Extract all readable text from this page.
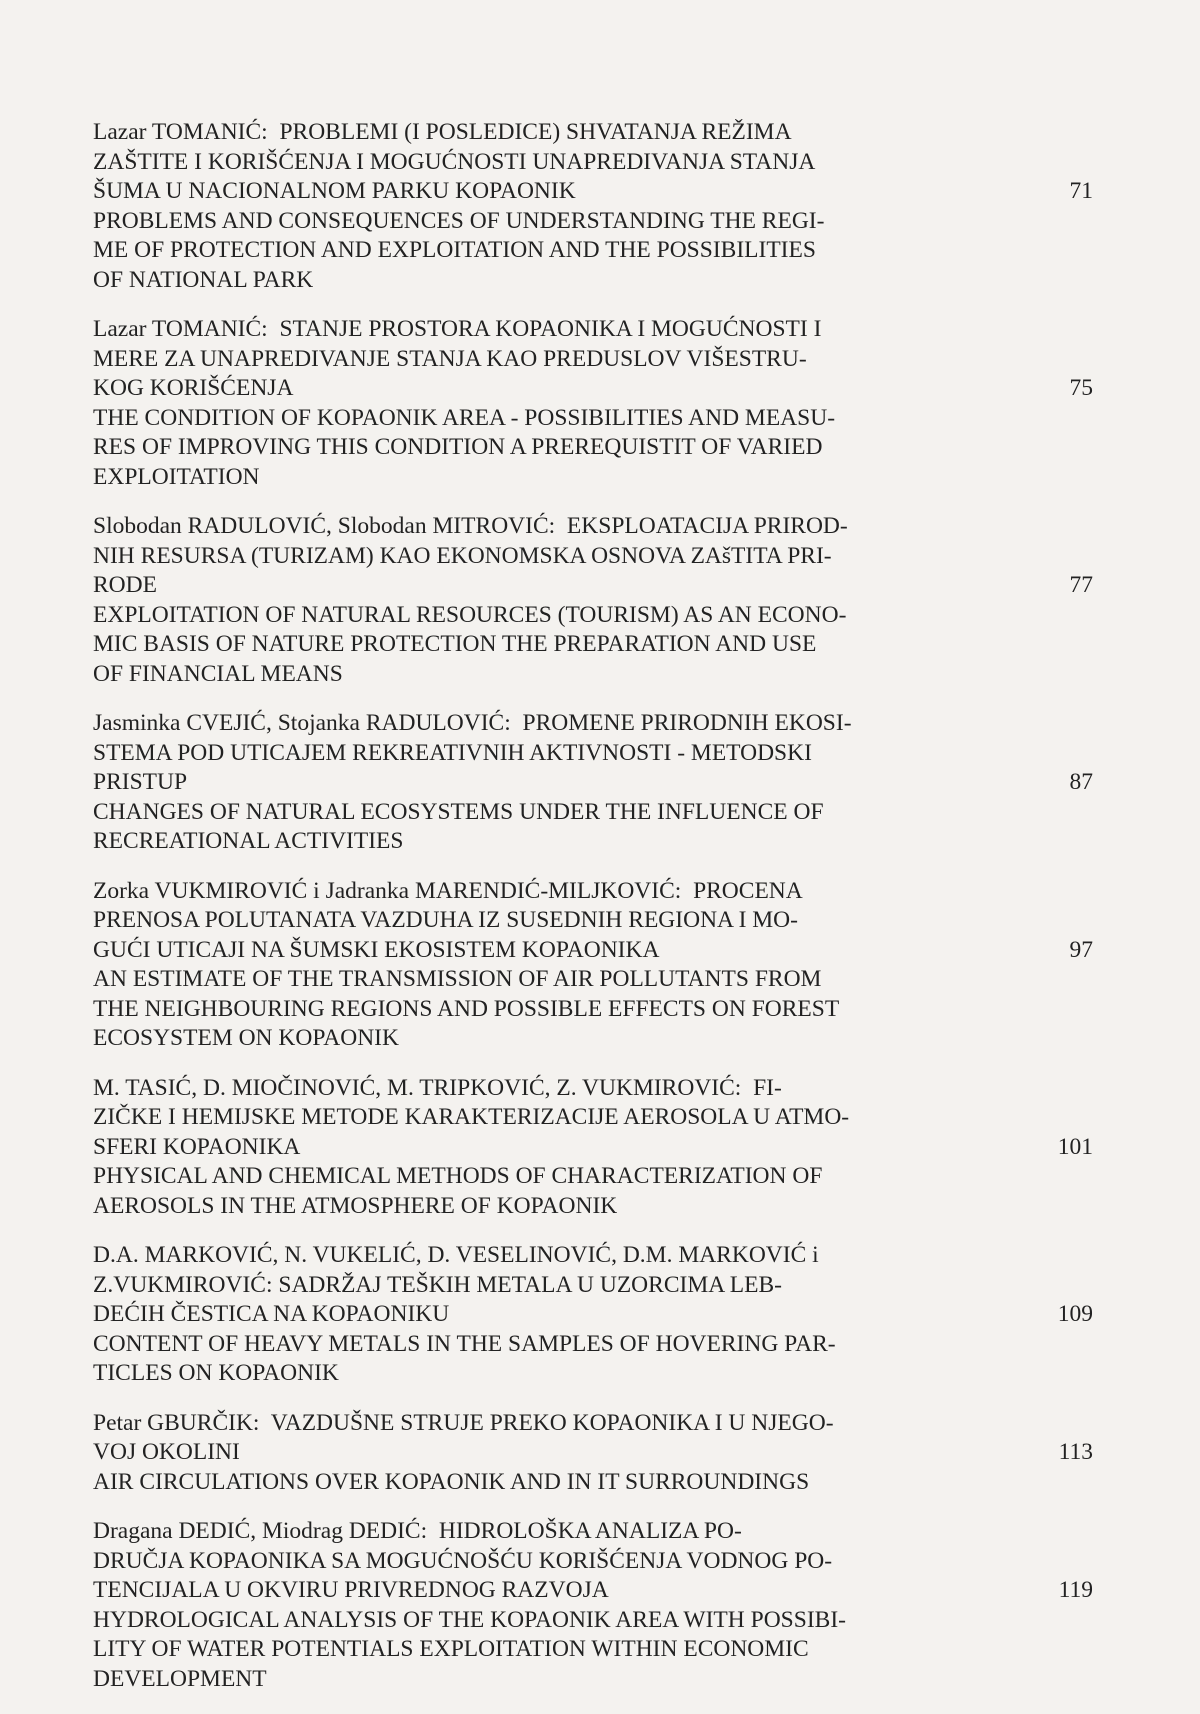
Lazar TOMANIĆ: PROBLEMI (I POSLEDICE) SHVATANJA REŽIMA
ZAŠTITE I KORIŠĆENJA I MOGUĆNOSTI UNAPREDIVANJA STANJA
ŠUMA U NACIONALNOM PARKU KOPAONIK
PROBLEMS AND CONSEQUENCES OF UNDERSTANDING THE REGI-
ME OF PROTECTION AND EXPLOITATION AND THE POSSIBILITIES
OF NATIONAL PARK
71
Lazar TOMANIĆ: STANJE PROSTORA KOPAONIKA I MOGUĆNOSTI I
MERE ZA UNAPREDIVANJE STANJA KAO PREDUSLOV VIŠESTRU-
KOG KORIŠĆENJA
THE CONDITION OF KOPAONIK AREA - POSSIBILITIES AND MEASU-
RES OF IMPROVING THIS CONDITION A PREREQUISTIT OF VARIED
EXPLOITATION
75
Slobodan RADULOVIĆ, Slobodan MITROVIĆ: EKSPLOATACIJA PRIROD-
NIH RESURSA (TURIZAM) KAO EKONOMSKA OSNOVA ZAšTITA PRI-
RODE
EXPLOITATION OF NATURAL RESOURCES (TOURISM) AS AN ECONO-
MIC BASIS OF NATURE PROTECTION THE PREPARATION AND USE
OF FINANCIAL MEANS
77
Jasminka CVEJIĆ, Stojanka RADULOVIĆ: PROMENE PRIRODNIH EKOSI-
STEMA POD UTICAJEM REKREATIVNIH AKTIVNOSTI - METODSKI
PRISTUP
CHANGES OF NATURAL ECOSYSTEMS UNDER THE INFLUENCE OF
RECREATIONAL ACTIVITIES
87
Zorka VUKMIROVIĆ i Jadranka MARENDIĆ-MILJKOVIĆ: PROCENA
PRENOSA POLUTANATA VAZDUHA IZ SUSEDNIH REGIONA I MO-
GUĆI UTICAJI NA ŠUMSKI EKOSISTEM KOPAONIKA
AN ESTIMATE OF THE TRANSMISSION OF AIR POLLUTANTS FROM
THE NEIGHBOURING REGIONS AND POSSIBLE EFFECTS ON FOREST
ECOSYSTEM ON KOPAONIK
97
M. TASIĆ, D. MIOČINOVIĆ, M. TRIPKOVIĆ, Z. VUKMIROVIĆ: FI-
ZIČKE I HEMIJSKE METODE KARAKTERIZACIJE AEROSOLA U ATMO-
SFERI KOPAONIKA
PHYSICAL AND CHEMICAL METHODS OF CHARACTERIZATION OF
AEROSOLS IN THE ATMOSPHERE OF KOPAONIK
101
D.A. MARKOVIĆ, N. VUKELIĆ, D. VESELINOVIĆ, D.M. MARKOVIĆ i
Z.VUKMIROVIĆ: SADRŽAJ TEŠKIH METALA U UZORCIMA LEB-
DEĆIH ČESTICA NA KOPAONIKU
CONTENT OF HEAVY METALS IN THE SAMPLES OF HOVERING PAR-
TICLES ON KOPAONIK
109
Petar GBURČIK: VAZDUŠNE STRUJE PREKO KOPAONIKA I U NJEGO-
VOJ OKOLINI
AIR CIRCULATIONS OVER KOPAONIK AND IN IT SURROUNDINGS
113
Dragana DEDIĆ, Miodrag DEDIĆ: HIDROLOŠKA ANALIZA PO-
DRUČJA KOPAONIKA SA MOGUĆNOŠĆU KORIŠĆENJA VODNOG PO-
TENCIJALA U OKVIRU PRIVREDNOG RAZVOJA
HYDROLOGICAL ANALYSIS OF THE KOPAONIK AREA WITH POSSIBI-
LITY OF WATER POTENTIALS EXPLOITATION WITHIN ECONOMIC
DEVELOPMENT
119
